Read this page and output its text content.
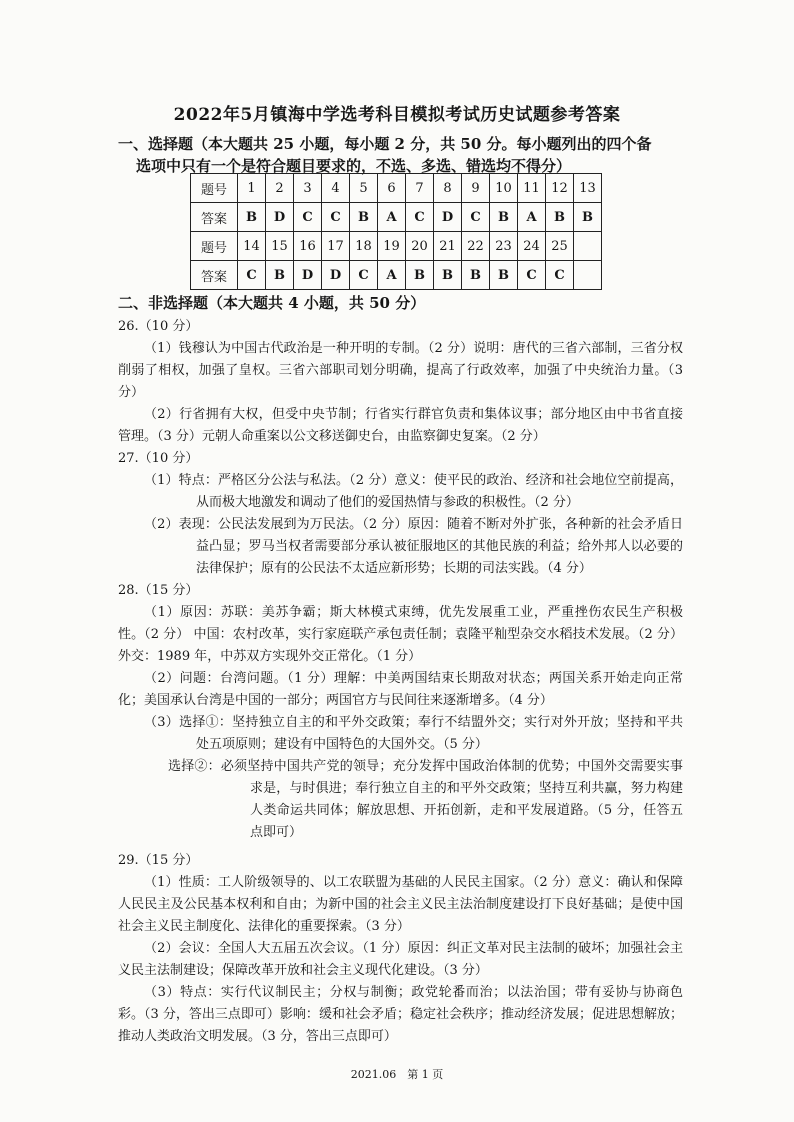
2022年5月镇海中学选考科目模拟考试历史试题参考答案
一、选择题（本大题共 25 小题，每小题 2 分，共 50 分。每小题列出的四个备
选项中只有一个是符合题目要求的，不选、多选、错选均不得分）
题号	1	2	3	4	5	6	7	8	9	10	11	12	13
答案	B	D	C	C	B	A	C	D	C	B	A	B	B
题号	14	15	16	17	18	19	20	21	22	23	24	25	
答案	C	B	D	D	C	A	B	B	B	B	C	C	
二、非选择题（本大题共 4 小题，共 50 分）

26.（10 分）

（1）钱穆认为中国古代政治是一种开明的专制。（2 分）说明：唐代的三省六部制，三省分权削弱了相权，加强了皇权。三省六部职司划分明确，提高了行政效率，加强了中央统治力量。（3 分）

（2）行省拥有大权，但受中央节制；行省实行群官负责和集体议事；部分地区由中书省直接管理。（3 分）元朝人命重案以公文移送御史台，由监察御史复案。（2 分）

27.（10 分）

（1）特点：严格区分公法与私法。（2 分）意义：使平民的政治、经济和社会地位空前提高，从而极大地激发和调动了他们的爱国热情与参政的积极性。（2 分）

（2）表现：公民法发展到为万民法。（2 分）原因：随着不断对外扩张，各种新的社会矛盾日益凸显；罗马当权者需要部分承认被征服地区的其他民族的利益；给外邦人以必要的法律保护；原有的公民法不太适应新形势；长期的司法实践。（4 分）

28.（15 分）

（1）原因：苏联：美苏争霸；斯大林模式束缚，优先发展重工业，严重挫伤农民生产积极性。（2 分） 中国：农村改革，实行家庭联产承包责任制；袁隆平籼型杂交水稻技术发展。（2 分）外交：1989 年，中苏双方实现外交正常化。（1 分）

（2）问题：台湾问题。（1 分）理解：中美两国结束长期敌对状态；两国关系开始走向正常化；美国承认台湾是中国的一部分；两国官方与民间往来逐渐增多。（4 分）

（3）选择①：坚持独立自主的和平外交政策；奉行不结盟外交；实行对外开放；坚持和平共处五项原则；建设有中国特色的大国外交。（5 分）

选择②：必须坚持中国共产党的领导；充分发挥中国政治体制的优势；中国外交需要实事求是，与时俱进；奉行独立自主的和平外交政策；坚持互利共赢，努力构建人类命运共同体；解放思想、开拓创新，走和平发展道路。（5 分，任答五点即可）

29.（15 分）

（1）性质：工人阶级领导的、以工农联盟为基础的人民民主国家。（2 分）意义：确认和保障人民民主及公民基本权利和自由；为新中国的社会主义民主法治制度建设打下良好基础；是使中国社会主义民主制度化、法律化的重要探索。（3 分）

（2）会议：全国人大五届五次会议。（1 分）原因：纠正文革对民主法制的破坏；加强社会主义民主法制建设；保障改革开放和社会主义现代化建设。（3 分）

（3）特点：实行代议制民主；分权与制衡；政党轮番而治；以法治国；带有妥协与协商色彩。（3 分，答出三点即可）影响：缓和社会矛盾；稳定社会秩序；推动经济发展；促进思想解放；推动人类政治文明发展。（3 分，答出三点即可）

2021.06　第 1 页
